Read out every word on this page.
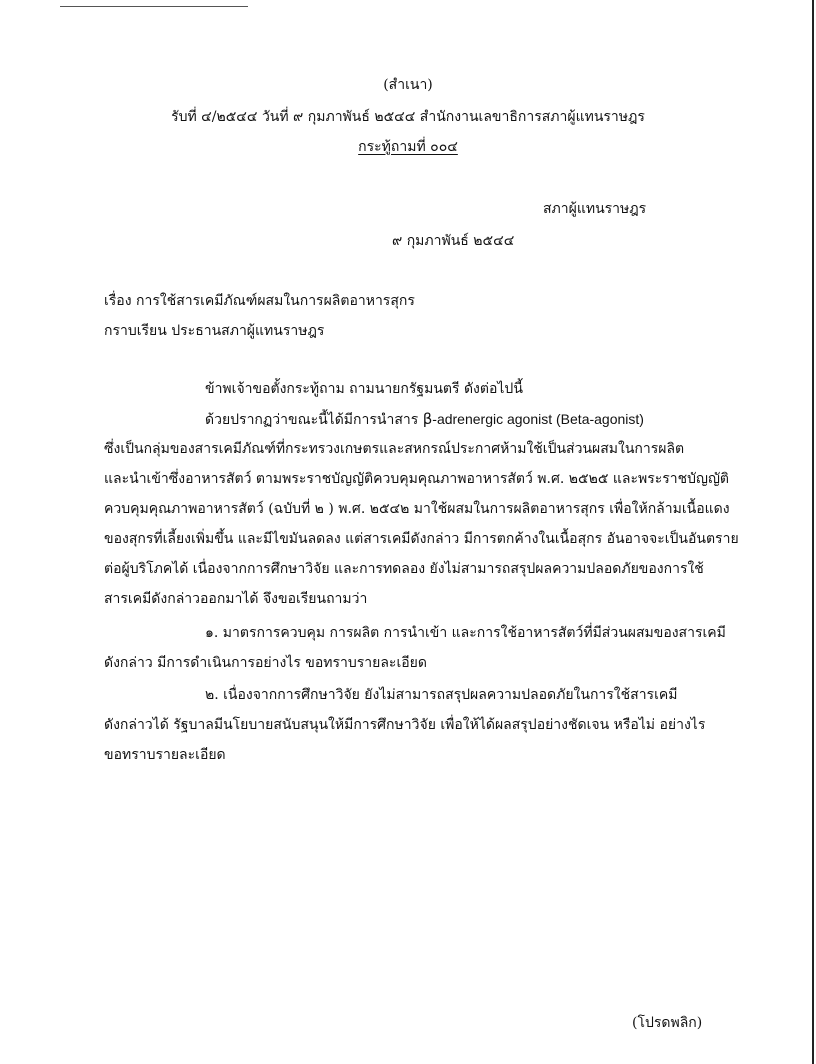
(สำเนา)
รับที่ ๔/๒๕๔๔ วันที่ ๙ กุมภาพันธ์ ๒๕๔๔ สำนักงานเลขาธิการสภาผู้แทนราษฎร
กระทู้ถามที่ ๐๐๔
สภาผู้แทนราษฎร
๙ กุมภาพันธ์ ๒๕๔๔
เรื่อง การใช้สารเคมีภัณฑ์ผสมในการผลิตอาหารสุกร
กราบเรียน ประธานสภาผู้แทนราษฎร
ข้าพเจ้าขอตั้งกระทู้ถาม ถามนายกรัฐมนตรี ดังต่อไปนี้
ด้วยปรากฏว่าขณะนี้ได้มีการนำสาร β-adrenergic agonist (Beta-agonist)
ซึ่งเป็นกลุ่มของสารเคมีภัณฑ์ที่กระทรวงเกษตรและสหกรณ์ประกาศห้ามใช้เป็นส่วนผสมในการผลิต
และนำเข้าซึ่งอาหารสัตว์ ตามพระราชบัญญัติควบคุมคุณภาพอาหารสัตว์ พ.ศ. ๒๕๒๕ และพระราชบัญญัติ
ควบคุมคุณภาพอาหารสัตว์ (ฉบับที่ ๒ ) พ.ศ. ๒๕๔๒ มาใช้ผสมในการผลิตอาหารสุกร เพื่อให้กล้ามเนื้อแดง
ของสุกรที่เลี้ยงเพิ่มขึ้น และมีไขมันลดลง แต่สารเคมีดังกล่าว มีการตกค้างในเนื้อสุกร อันอาจจะเป็นอันตราย
ต่อผู้บริโภคได้ เนื่องจากการศึกษาวิจัย และการทดลอง ยังไม่สามารถสรุปผลความปลอดภัยของการใช้
สารเคมีดังกล่าวออกมาได้ จึงขอเรียนถามว่า
๑. มาตรการควบคุม การผลิต การนำเข้า และการใช้อาหารสัตว์ที่มีส่วนผสมของสารเคมี
ดังกล่าว มีการดำเนินการอย่างไร ขอทราบรายละเอียด
๒. เนื่องจากการศึกษาวิจัย ยังไม่สามารถสรุปผลความปลอดภัยในการใช้สารเคมี
ดังกล่าวได้ รัฐบาลมีนโยบายสนับสนุนให้มีการศึกษาวิจัย เพื่อให้ได้ผลสรุปอย่างชัดเจน หรือไม่ อย่างไร
ขอทราบรายละเอียด
(โปรดพลิก)
